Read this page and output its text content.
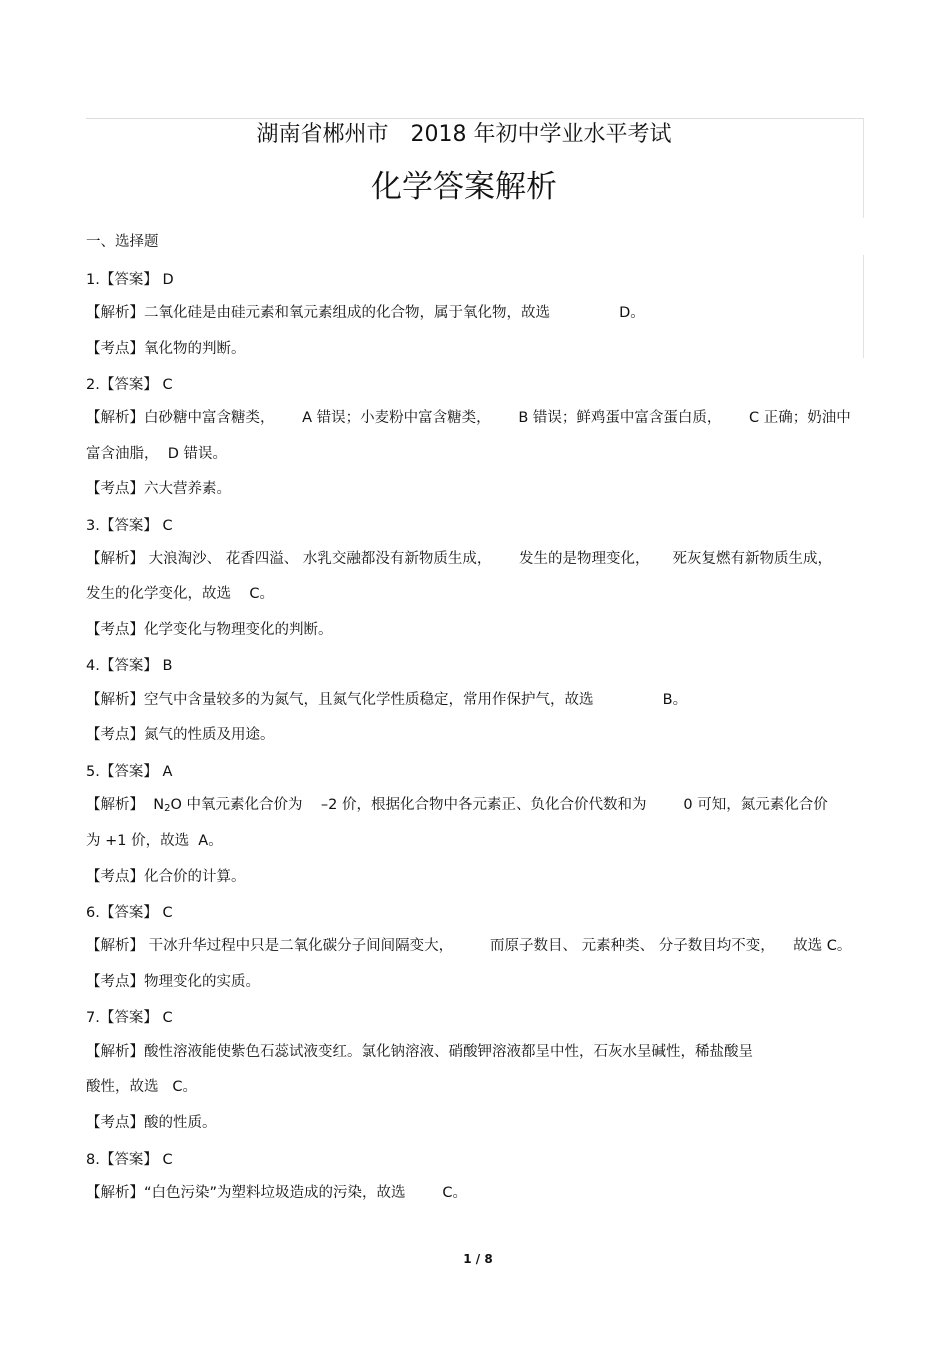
湖南省郴州市　2018 年初中学业水平考试
化学答案解析
一、选择题
1.【答案】 D
【解析】二氧化硅是由硅元素和氧元素组成的化合物，属于氧化物，故选               D。
【考点】氧化物的判断。
2.【答案】 C
【解析】白砂糖中富含糖类，      A 错误；小麦粉中富含糖类，      B 错误；鲜鸡蛋中富含蛋白质，      C 正确；奶油中
富含油脂，  D 错误。
【考点】六大营养素。
3.【答案】 C
【解析】 大浪淘沙、 花香四溢、 水乳交融都没有新物质生成，      发生的是物理变化，     死灰复燃有新物质生成，
发生的化学变化，故选    C。
【考点】化学变化与物理变化的判断。
4.【答案】 B
【解析】空气中含量较多的为氮气，且氮气化学性质稳定，常用作保护气，故选               B。
【考点】氮气的性质及用途。
5.【答案】 A
【解析】  $N_2O$ 中氧元素化合价为    –2 价，根据化合物中各元素正、负化合价代数和为        0 可知，氮元素化合价
为 +1 价，故选  A。
【考点】化合价的计算。
6.【答案】 C
【解析】 干冰升华过程中只是二氧化碳分子间间隔变大，        而原子数目、 元素种类、 分子数目均不变，    故选 C。
【考点】物理变化的实质。
7.【答案】 C
【解析】酸性溶液能使紫色石蕊试液变红。氯化钠溶液、硝酸钾溶液都呈中性，石灰水呈碱性，稀盐酸呈
酸性，故选   C。
【考点】酸的性质。
8.【答案】 C
【解析】“白色污染”为塑料垃圾造成的污染，故选        C。
1 / 8
